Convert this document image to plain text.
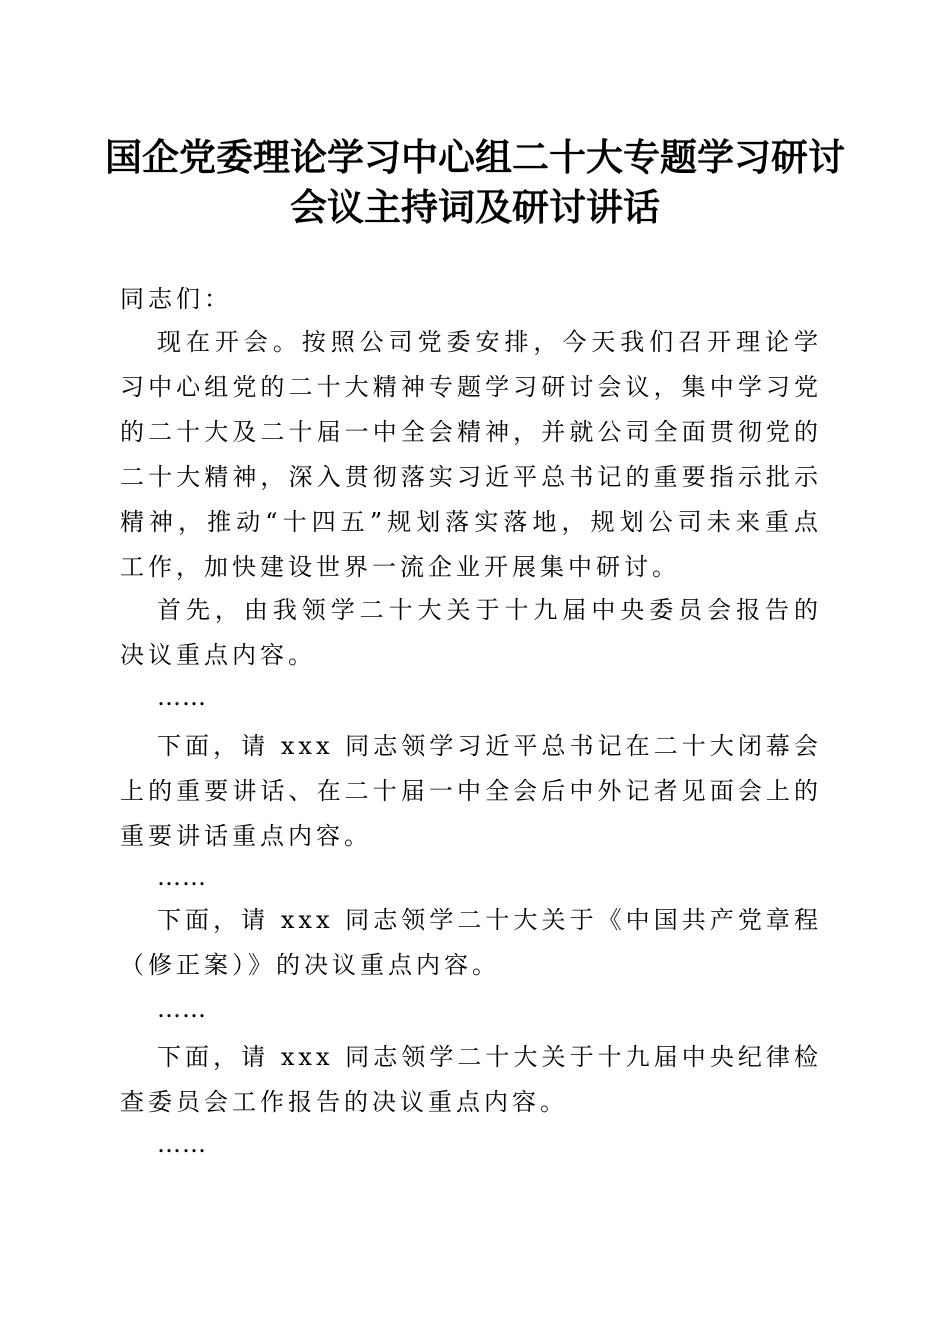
国企党委理论学习中心组二十大专题学习研讨
会议主持词及研讨讲话

同志们：

现在开会。按照公司党委安排，今天我们召开理论学习中心组党的二十大精神专题学习研讨会议，集中学习党的二十大及二十届一中全会精神，并就公司全面贯彻党的二十大精神，深入贯彻落实习近平总书记的重要指示批示精神，推动“十四五”规划落实落地，规划公司未来重点工作，加快建设世界一流企业开展集中研讨。

首先，由我领学二十大关于十九届中央委员会报告的决议重点内容。

……

下面，请 xxx 同志领学习近平总书记在二十大闭幕会上的重要讲话、在二十届一中全会后中外记者见面会上的重要讲话重点内容。

……

下面，请 xxx 同志领学二十大关于《中国共产党章程（修正案）》的决议重点内容。

……

下面，请 xxx 同志领学二十大关于十九届中央纪律检查委员会工作报告的决议重点内容。

……
